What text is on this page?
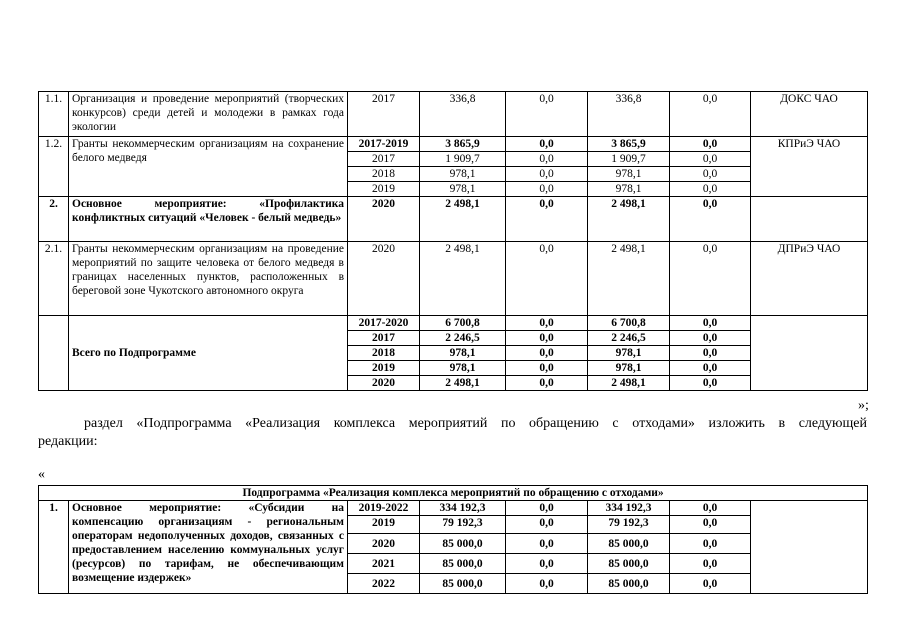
1.1.	Организация и проведение мероприятий (творческих конкурсов) среди детей и молодежи в рамках года экологии	2017	336,8	0,0	336,8	0,0	ДОКС ЧАО
1.2.	Гранты некоммерческим организациям на сохранение белого медведя	2017-2019	3 865,9	0,0	3 865,9	0,0	КПРиЭ ЧАО
		2017	1 909,7	0,0	1 909,7	0,0	
		2018	978,1	0,0	978,1	0,0	
		2019	978,1	0,0	978,1	0,0	
2.	Основное мероприятие: «Профилактика конфликтных ситуаций «Человек - белый медведь»	2020	2 498,1	0,0	2 498,1	0,0	
2.1.	Гранты некоммерческим организациям на проведение мероприятий по защите человека от белого медведя в границах населенных пунктов, расположенных в береговой зоне Чукотского автономного округа	2020	2 498,1	0,0	2 498,1	0,0	ДПРиЭ ЧАО
	Всего по Подпрограмме	2017-2020	6 700,8	0,0	6 700,8	0,0	
		2017	2 246,5	0,0	2 246,5	0,0	
		2018	978,1	0,0	978,1	0,0	
		2019	978,1	0,0	978,1	0,0	
		2020	2 498,1	0,0	2 498,1	0,0	
»;
раздел «Подпрограмма «Реализация комплекса мероприятий по обращению с отходами» изложить в следующей
редакции:
«
Подпрограмма «Реализация комплекса мероприятий по обращению с отходами»							
1.	Основное мероприятие: «Субсидии на компенсацию организациям - региональным операторам недополученных доходов, связанных с предоставлением населению коммунальных услуг (ресурсов) по тарифам, не обеспечивающим возмещение издержек»	2019-2022	334 192,3	0,0	334 192,3	0,0	
		2019	79 192,3	0,0	79 192,3	0,0	
		2020	85 000,0	0,0	85 000,0	0,0	
		2021	85 000,0	0,0	85 000,0	0,0	
		2022	85 000,0	0,0	85 000,0	0,0	
